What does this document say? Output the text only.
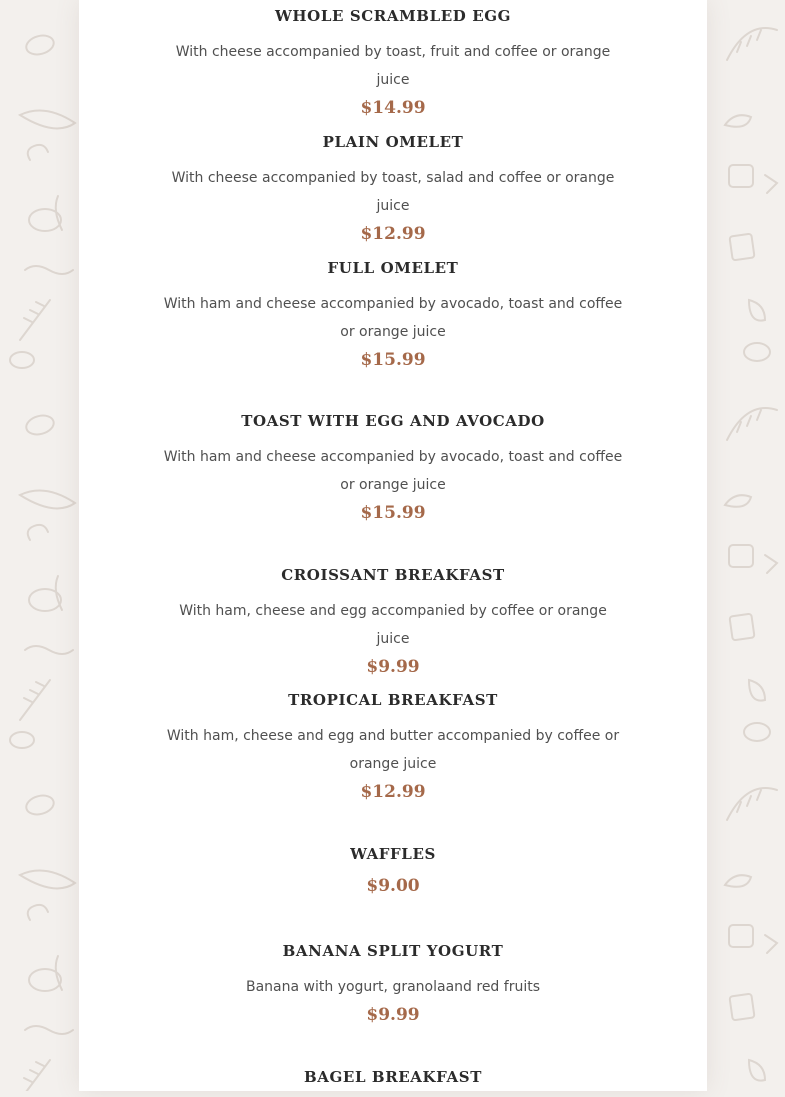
WHOLE SCRAMBLED EGG
With cheese accompanied by toast, fruit and coffee or orange juice
$14.99
PLAIN OMELET
With cheese accompanied by toast, salad and coffee or orange juice
$12.99
FULL OMELET
With ham and cheese accompanied by avocado, toast and coffee or orange juice
$15.99
TOAST WITH EGG AND AVOCADO
With ham and cheese accompanied by avocado, toast and coffee or orange juice
$15.99
CROISSANT BREAKFAST
With ham, cheese and egg accompanied by coffee or orange juice
$9.99
TROPICAL BREAKFAST
With ham, cheese and egg and butter accompanied by coffee or orange juice
$12.99
WAFFLES
$9.00
BANANA SPLIT YOGURT
Banana with yogurt, granolaand red fruits
$9.99
BAGEL BREAKFAST
